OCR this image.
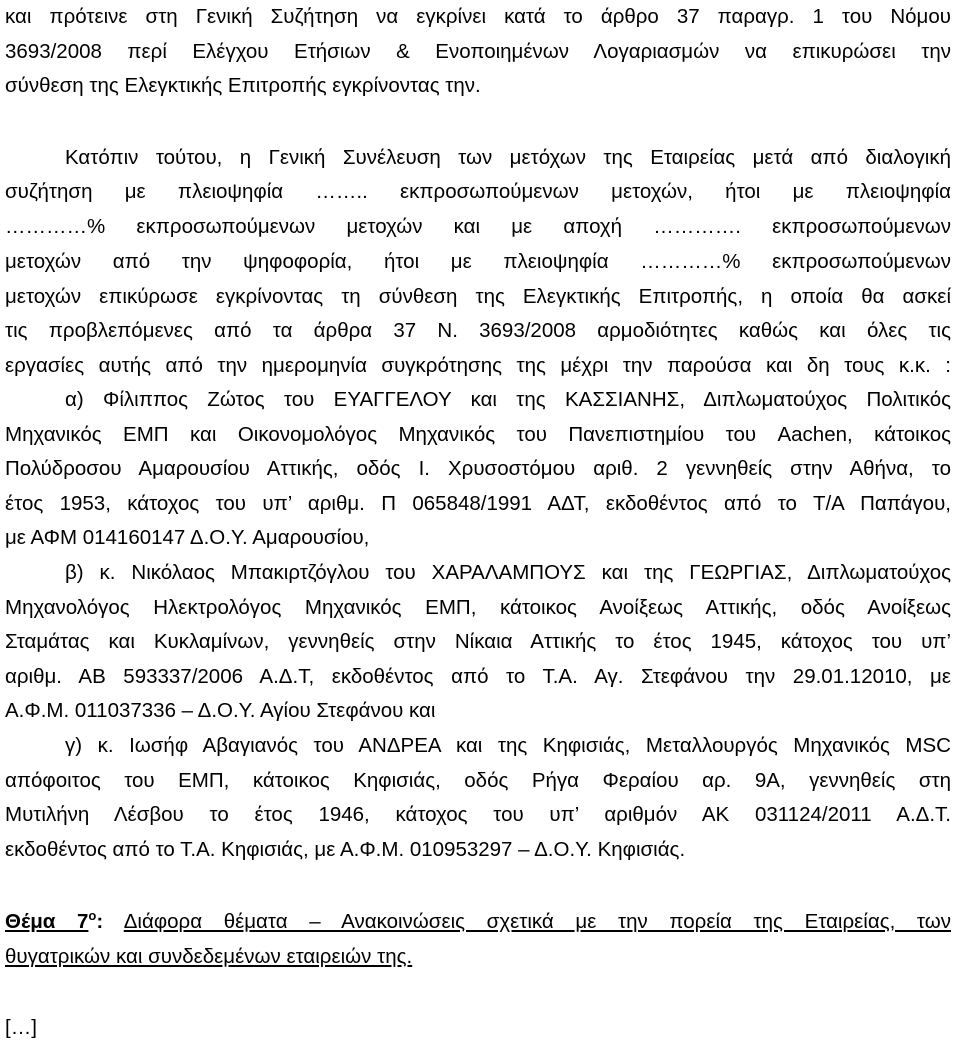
και πρότεινε στη Γενική Συζήτηση να εγκρίνει κατά το άρθρο 37 παραγρ. 1 του Νόμου
3693/2008 περί Ελέγχου Ετήσιων & Ενοποιημένων Λογαριασμών να επικυρώσει την
σύνθεση της Ελεγκτικής Επιτροπής εγκρίνοντας την.
Κατόπιν τούτου, η Γενική Συνέλευση των μετόχων της Εταιρείας μετά από διαλογική
συζήτηση με πλειοψηφία …….. εκπροσωπούμενων μετοχών, ήτοι με πλειοψηφία
…………% εκπροσωπούμενων μετοχών και με αποχή …………. εκπροσωπούμενων
μετοχών από την ψηφοφορία, ήτοι με πλειοψηφία …………% εκπροσωπούμενων
μετοχών επικύρωσε εγκρίνοντας τη σύνθεση της Ελεγκτικής Επιτροπής, η οποία θα ασκεί
τις προβλεπόμενες από τα άρθρα 37 Ν. 3693/2008 αρμοδιότητες καθώς και όλες τις
εργασίες αυτής από την ημερομηνία συγκρότησης της μέχρι την παρούσα και δη τους κ.κ. :
α) Φίλιππος Ζώτος του ΕΥΑΓΓΕΛΟΥ και της ΚΑΣΣΙΑΝΗΣ, Διπλωματούχος Πολιτικός
Μηχανικός ΕΜΠ και Οικονομολόγος Μηχανικός του Πανεπιστημίου του Aachen, κάτοικος
Πολύδροσου Αμαρουσίου Αττικής, οδός Ι. Χρυσοστόμου αριθ. 2 γεννηθείς στην Αθήνα, το
έτος 1953, κάτοχος του υπ’ αριθμ. Π 065848/1991 ΑΔΤ, εκδοθέντος από το Τ/Α Παπάγου,
με ΑΦΜ 014160147 Δ.Ο.Υ. Αμαρουσίου,
β) κ. Νικόλαος Μπακιρτζόγλου του ΧΑΡΑΛΑΜΠΟΥΣ και της ΓΕΩΡΓΙΑΣ, Διπλωματούχος
Μηχανολόγος Ηλεκτρολόγος Μηχανικός ΕΜΠ, κάτοικος Ανοίξεως Αττικής, οδός Ανοίξεως
Σταμάτας και Κυκλαμίνων, γεννηθείς στην Νίκαια Αττικής το έτος 1945, κάτοχος του υπ’
αριθμ. ΑΒ 593337/2006 Α.Δ.Τ, εκδοθέντος από το Τ.Α. Αγ. Στεφάνου την 29.01.12010, με
Α.Φ.Μ. 011037336 – Δ.Ο.Υ. Αγίου Στεφάνου και
γ) κ. Ιωσήφ Αβαγιανός του ΑΝΔΡΕΑ και της Κηφισιάς, Μεταλλουργός Μηχανικός MSC
απόφοιτος του ΕΜΠ, κάτοικος Κηφισιάς, οδός Ρήγα Φεραίου αρ. 9Α, γεννηθείς στη
Μυτιλήνη Λέσβου το έτος 1946, κάτοχος του υπ’ αριθμόν ΑΚ 031124/2011 Α.Δ.Τ.
εκδοθέντος από το Τ.Α. Κηφισιάς, με Α.Φ.Μ. 010953297 – Δ.Ο.Υ. Κηφισιάς.
Θέμα $7^o$: Διάφορα θέματα – Ανακοινώσεις σχετικά με την πορεία της Εταιρείας, των
θυγατρικών και συνδεδεμένων εταιρειών της.
[…]
